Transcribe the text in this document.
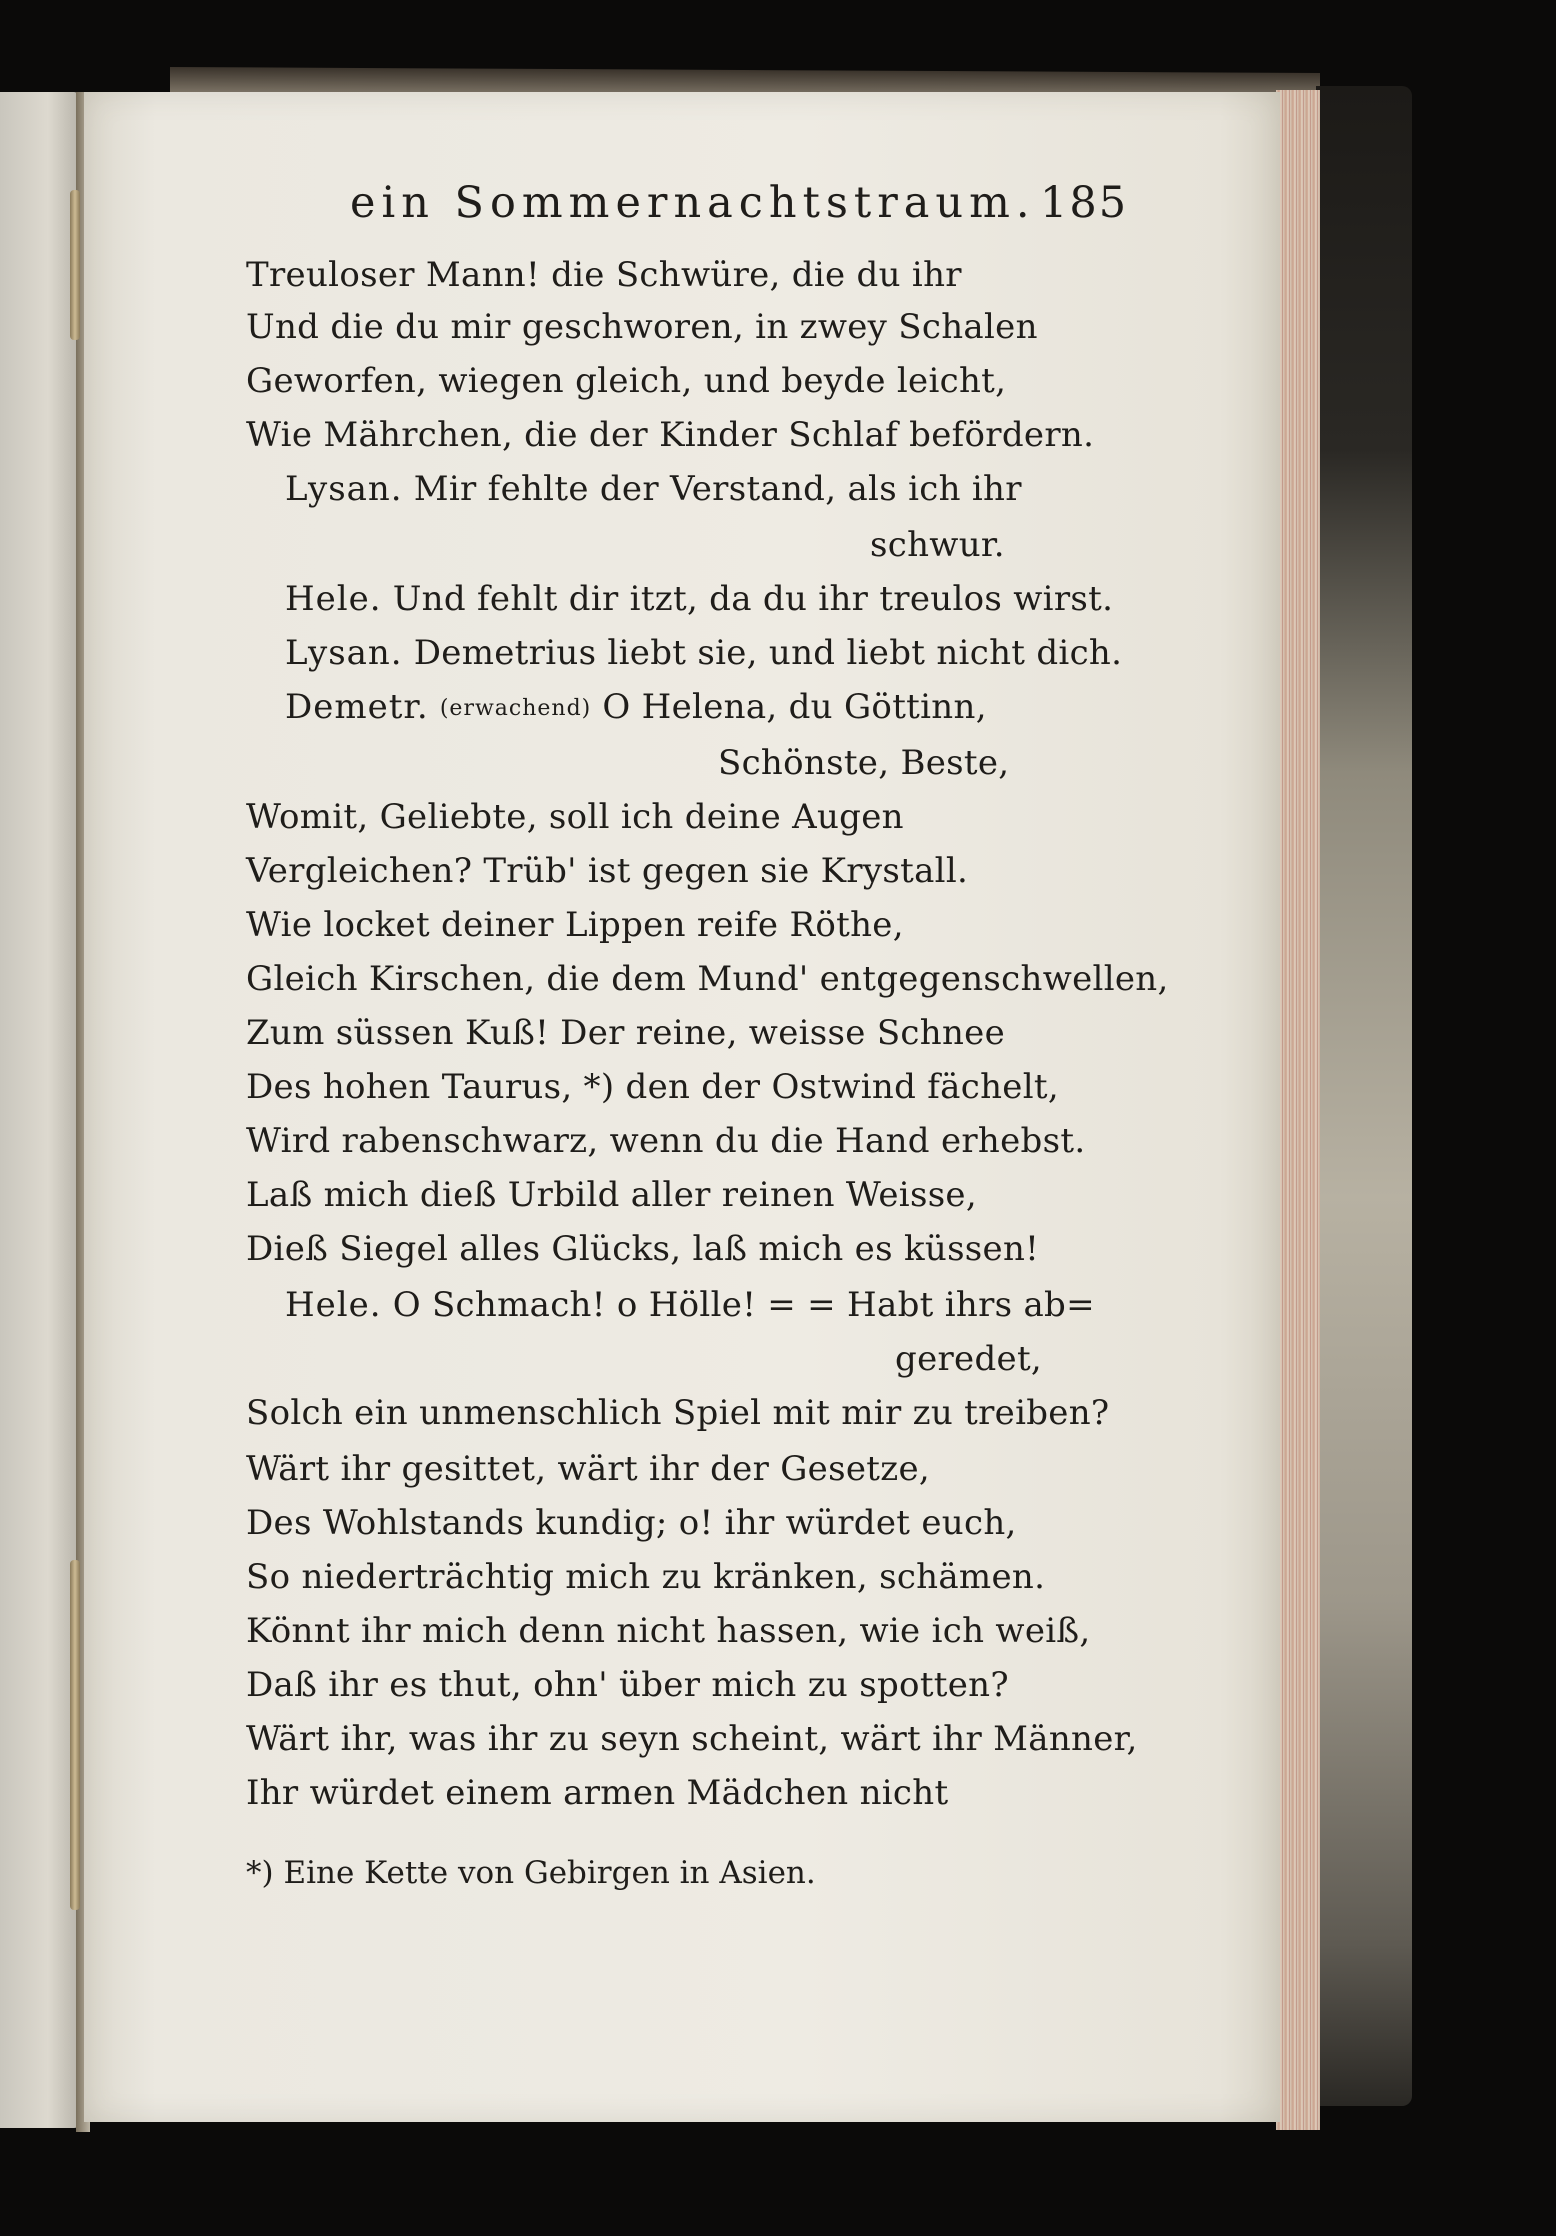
ein Sommernachtstraum. 185
Treuloser Mann! die Schwüre, die du ihr
Und die du mir geschworen, in zwey Schalen
Geworfen, wiegen gleich, und beyde leicht,
Wie Mährchen, die der Kinder Schlaf befördern.
Lysan. Mir fehlte der Verstand, als ich ihr
schwur.
Hele. Und fehlt dir itzt, da du ihr treulos wirst.
Lysan. Demetrius liebt sie, und liebt nicht dich.
Demetr. (erwachend) O Helena, du Göttinn,
Schönste, Beste,
Womit, Geliebte, soll ich deine Augen
Vergleichen? Trüb' ist gegen sie Krystall.
Wie locket deiner Lippen reife Röthe,
Gleich Kirschen, die dem Mund' entgegenschwellen,
Zum süssen Kuß! Der reine, weisse Schnee
Des hohen Taurus, *) den der Ostwind fächelt,
Wird rabenschwarz, wenn du die Hand erhebst.
Laß mich dieß Urbild aller reinen Weisse,
Dieß Siegel alles Glücks, laß mich es küssen!
Hele. O Schmach! o Hölle! = = Habt ihrs ab=
geredet,
Solch ein unmenschlich Spiel mit mir zu treiben?
Wärt ihr gesittet, wärt ihr der Gesetze,
Des Wohlstands kundig; o! ihr würdet euch,
So niederträchtig mich zu kränken, schämen.
Könnt ihr mich denn nicht hassen, wie ich weiß,
Daß ihr es thut, ohn' über mich zu spotten?
Wärt ihr, was ihr zu seyn scheint, wärt ihr Männer,
Ihr würdet einem armen Mädchen nicht
*) Eine Kette von Gebirgen in Asien.
